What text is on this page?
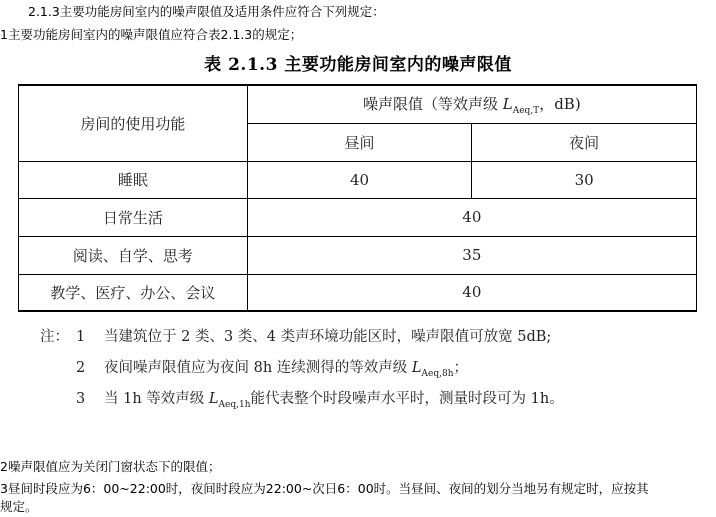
2.1.3主要功能房间室内的噪声限值及适用条件应符合下列规定：
1主要功能房间室内的噪声限值应符合表2.1.3的规定；
表 2.1.3 主要功能房间室内的噪声限值
房间的使用功能	噪声限值（等效声级 $L_{Aeq,T}$，dB)	
	昼间	夜间
睡眠	40	30
日常生活	40	
阅读、自学、思考	35	
教学、医疗、办公、会议	40	
注： 1 当建筑位于 2 类、3 类、4 类声环境功能区时，噪声限值可放宽 5dB;
2 夜间噪声限值应为夜间 8h 连续测得的等效声级 $L_{Aeq,8h}$；
3 当 1h 等效声级 $L_{Aeq,1h}$能代表整个时段噪声水平时，测量时段可为 1h。
2噪声限值应为关闭门窗状态下的限值；
3昼间时段应为6：00~22:00时，夜间时段应为22:00~次日6：00时。当昼间、夜间的划分当地另有规定时，应按其
规定。
